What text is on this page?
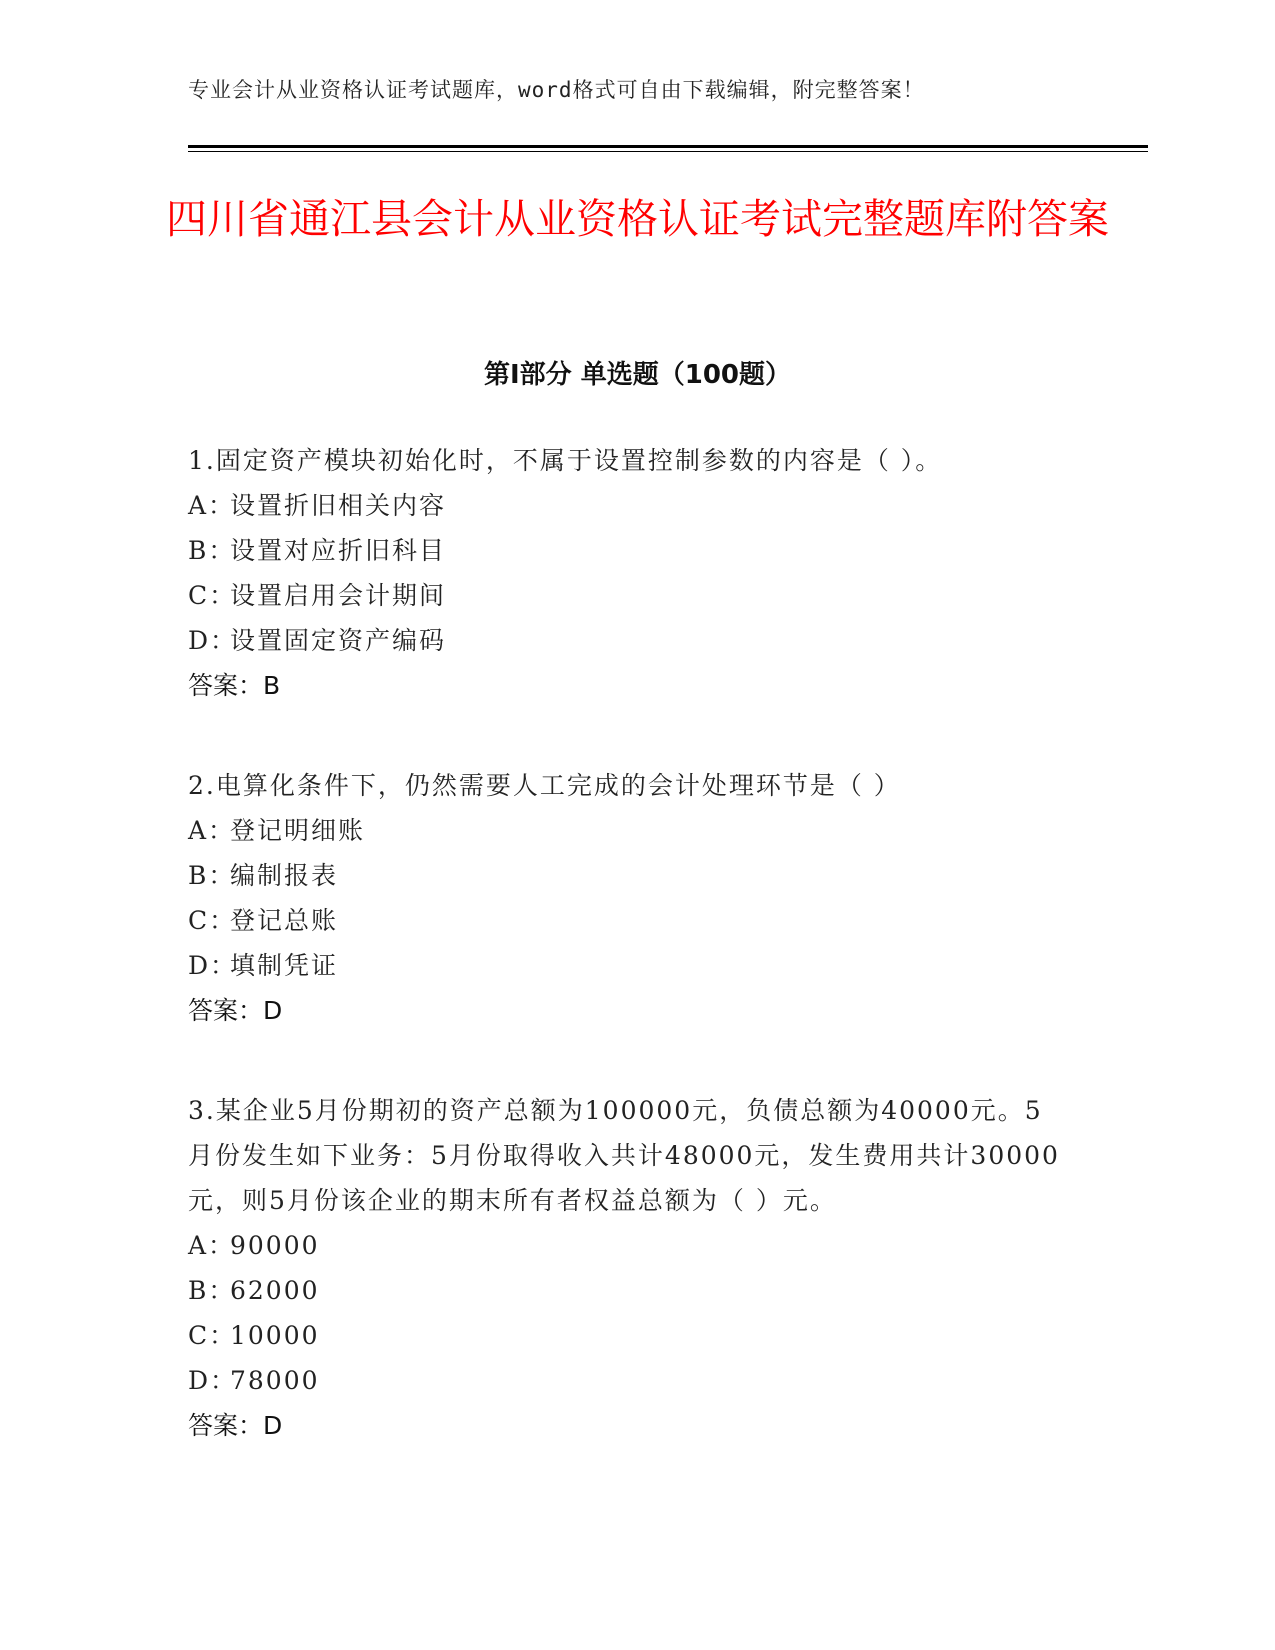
专业会计从业资格认证考试题库，word格式可自由下载编辑，附完整答案！
四川省通江县会计从业资格认证考试完整题库附答案
第Ⅰ部分 单选题（100题）
1.固定资产模块初始化时，不属于设置控制参数的内容是（ ）。
A：设置折旧相关内容
B：设置对应折旧科目
C：设置启用会计期间
D：设置固定资产编码
答案：B
2.电算化条件下，仍然需要人工完成的会计处理环节是（ ）
A：登记明细账
B：编制报表
C：登记总账
D：填制凭证
答案：D
3.某企业5月份期初的资产总额为100000元，负债总额为40000元。5月份发生如下业务：5月份取得收入共计48000元，发生费用共计30000元，则5月份该企业的期末所有者权益总额为（ ）元。
A：90000
B：62000
C：10000
D：78000
答案：D
